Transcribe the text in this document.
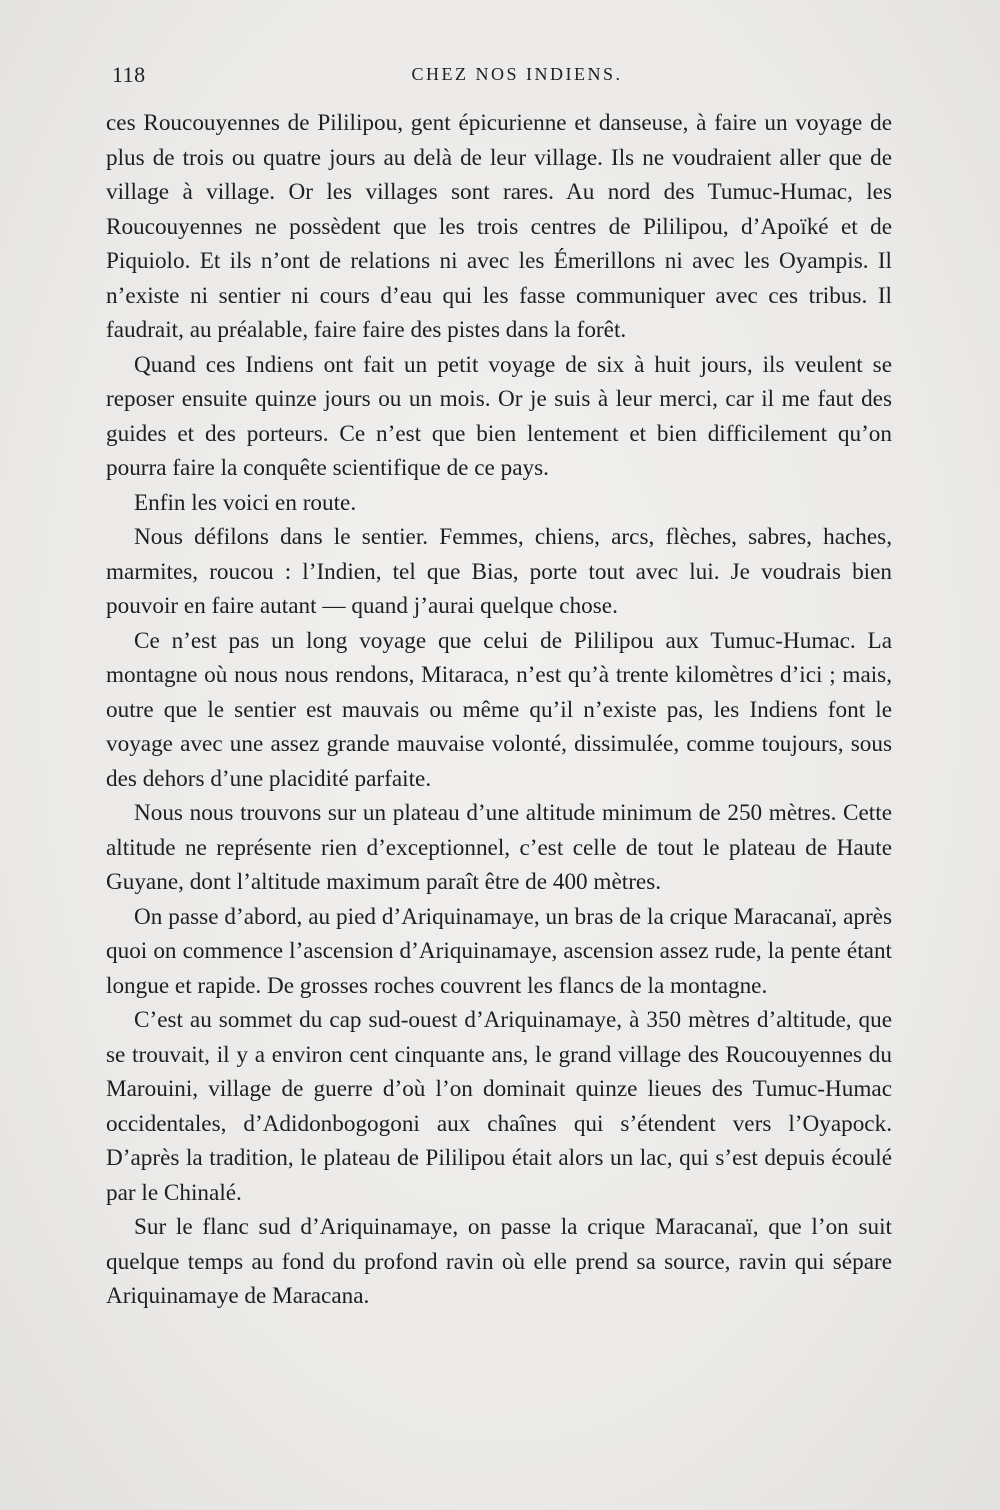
118	CHEZ NOS INDIENS.

ces Roucouyennes de Pililipou, gent épicurienne et danseuse, à faire un voyage de plus de trois ou quatre jours au delà de leur village. Ils ne voudraient aller que de village à village. Or les villages sont rares. Au nord des Tumuc-Humac, les Roucouyennes ne possèdent que les trois centres de Pililipou, d’Apoïké et de Piquiolo. Et ils n’ont de relations ni avec les Émerillons ni avec les Oyampis. Il n’existe ni sentier ni cours d’eau qui les fasse communiquer avec ces tribus. Il faudrait, au préalable, faire faire des pistes dans la forêt.

Quand ces Indiens ont fait un petit voyage de six à huit jours, ils veulent se reposer ensuite quinze jours ou un mois. Or je suis à leur merci, car il me faut des guides et des porteurs. Ce n’est que bien lentement et bien difficilement qu’on pourra faire la conquête scientifique de ce pays.

Enfin les voici en route.

Nous défilons dans le sentier. Femmes, chiens, arcs, flèches, sabres, haches, marmites, roucou : l’Indien, tel que Bias, porte tout avec lui. Je voudrais bien pouvoir en faire autant — quand j’aurai quelque chose.

Ce n’est pas un long voyage que celui de Pililipou aux Tumuc-Humac. La montagne où nous nous rendons, Mitaraca, n’est qu’à trente kilomètres d’ici ; mais, outre que le sentier est mauvais ou même qu’il n’existe pas, les Indiens font le voyage avec une assez grande mauvaise volonté, dissimulée, comme toujours, sous des dehors d’une placidité parfaite.

Nous nous trouvons sur un plateau d’une altitude minimum de 250 mètres. Cette altitude ne représente rien d’exceptionnel, c’est celle de tout le plateau de Haute Guyane, dont l’altitude maximum paraît être de 400 mètres.

On passe d’abord, au pied d’Ariquinamaye, un bras de la crique Maracanaï, après quoi on commence l’ascension d’Ariquinamaye, ascension assez rude, la pente étant longue et rapide. De grosses roches couvrent les flancs de la montagne.

C’est au sommet du cap sud-ouest d’Ariquinamaye, à 350 mètres d’altitude, que se trouvait, il y a environ cent cinquante ans, le grand village des Roucouyennes du Marouini, village de guerre d’où l’on dominait quinze lieues des Tumuc-Humac occidentales, d’Adidonbogogoni aux chaînes qui s’étendent vers l’Oyapock. D’après la tradition, le plateau de Pililipou était alors un lac, qui s’est depuis écoulé par le Chinalé.

Sur le flanc sud d’Ariquinamaye, on passe la crique Maracanaï, que l’on suit quelque temps au fond du profond ravin où elle prend sa source, ravin qui sépare Ariquinamaye de Maracana.
